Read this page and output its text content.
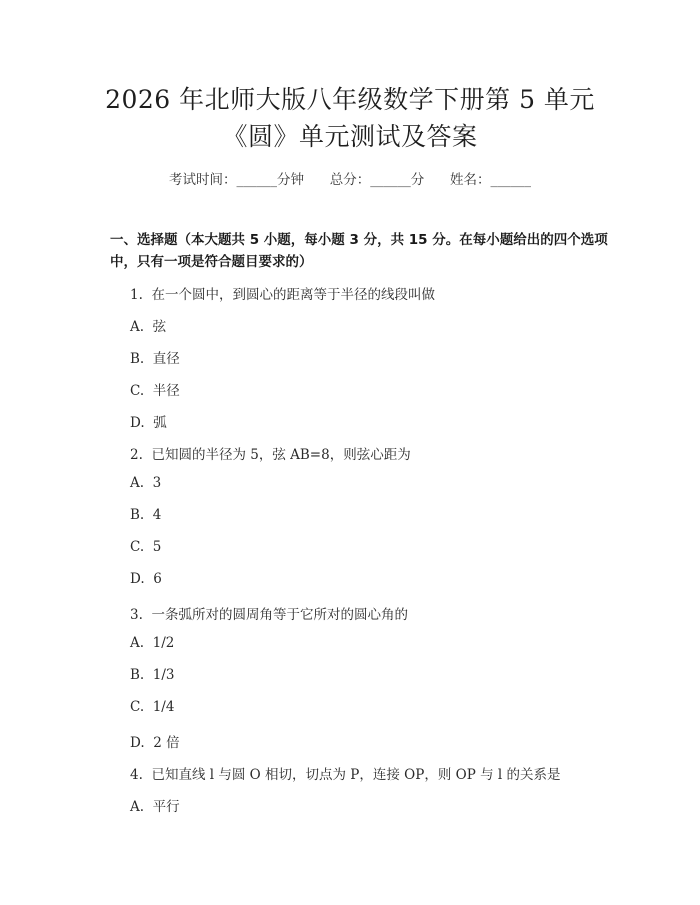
2026 年北师大版八年级数学下册第 5 单元
《圆》单元测试及答案
考试时间：______分钟      总分：______分      姓名：______
一、选择题（本大题共 5 小题，每小题 3 分，共 15 分。在每小题给出的四个选项中，只有一项是符合题目要求的）
1.  在一个圆中，到圆心的距离等于半径的线段叫做
A.  弦
B.  直径
C.  半径
D.  弧
2.  已知圆的半径为 5，弦 AB=8，则弦心距为
A.  3
B.  4
C.  5
D.  6
3.  一条弧所对的圆周角等于它所对的圆心角的
A.  1/2
B.  1/3
C.  1/4
D.  2 倍
4.  已知直线 l 与圆 O 相切，切点为 P，连接 OP，则 OP 与 l 的关系是
A.  平行
